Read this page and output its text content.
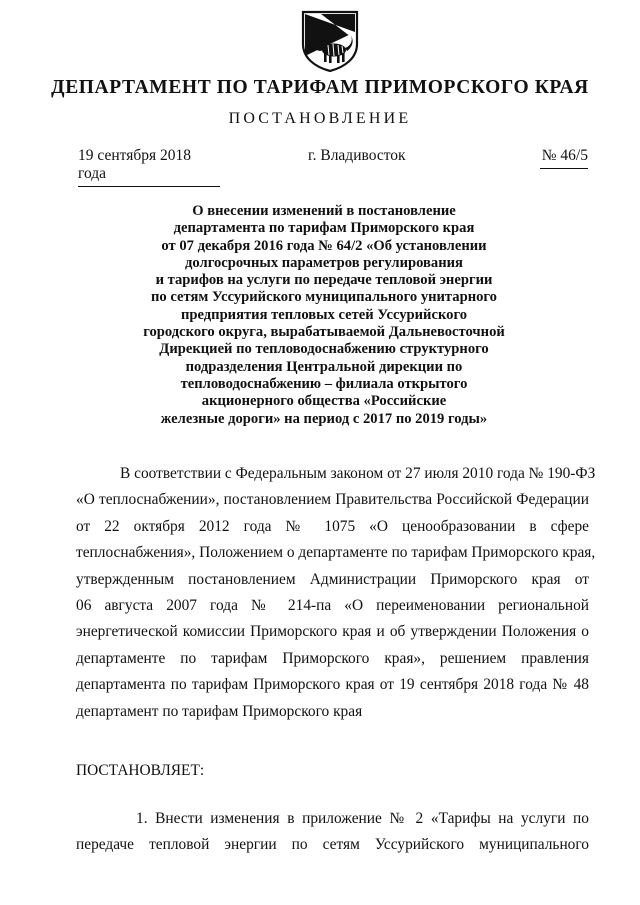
ДЕПАРТАМЕНТ ПО ТАРИФАМ ПРИМОРСКОГО КРАЯ
ПОСТАНОВЛЕНИЕ
19 сентября 2018 года
г. Владивосток	№ 46/5
О внесении изменений в постановление
департамента по тарифам Приморского края
от 07 декабря 2016 года № 64/2 «Об установлении
долгосрочных параметров регулирования
и тарифов на услуги по передаче тепловой энергии
по сетям Уссурийского муниципального унитарного
предприятия тепловых сетей Уссурийского
городского округа, вырабатываемой Дальневосточной
Дирекцией по тепловодоснабжению структурного
подразделения Центральной дирекции по
тепловодоснабжению – филиала открытого
акционерного общества «Российские
железные дороги» на период с 2017 по 2019 годы»
В соответствии с Федеральным законом от 27 июля 2010 года № 190-ФЗ
«О теплоснабжении», постановлением Правительства Российской Федерации
от 22 октября 2012 года № 1075 «О ценообразовании в сфере
теплоснабжения», Положением о департаменте по тарифам Приморского края,
утвержденным постановлением Администрации Приморского края от
06 августа 2007 года № 214-па «О переименовании региональной
энергетической комиссии Приморского края и об утверждении Положения о
департаменте по тарифам Приморского края», решением правления
департамента по тарифам Приморского края от 19 сентября 2018 года № 48
департамент по тарифам Приморского края
ПОСТАНОВЛЯЕТ:
1. Внести изменения в приложение № 2 «Тарифы на услуги по
передаче тепловой энергии по сетям Уссурийского муниципального
